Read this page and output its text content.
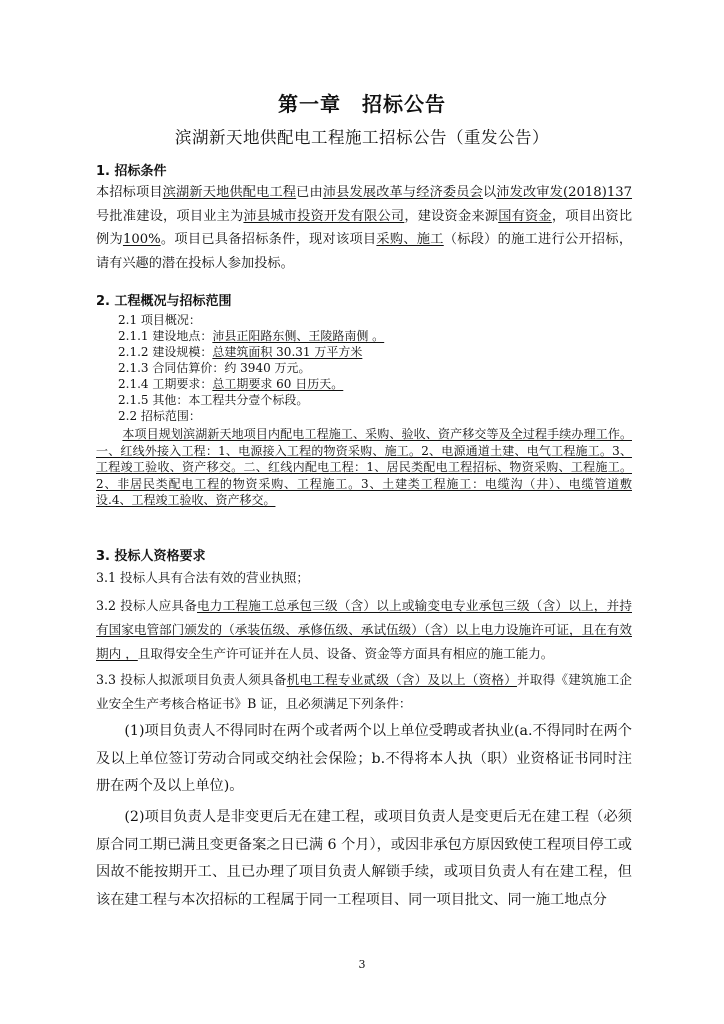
第一章　招标公告
滨湖新天地供配电工程施工招标公告（重发公告）
1. 招标条件
本招标项目滨湖新天地供配电工程已由沛县发展改革与经济委员会以沛发改审发(2018)137号批准建设，项目业主为沛县城市投资开发有限公司，建设资金来源国有资金，项目出资比例为100%。项目已具备招标条件，现对该项目采购、施工（标段）的施工进行公开招标，请有兴趣的潜在投标人参加投标。
2. 工程概况与招标范围
2.1 项目概况：
2.1.1 建设地点：沛县正阳路东侧、王陵路南侧 。
2.1.2 建设规模：总建筑面积 30.31 万平方米
2.1.3 合同估算价：约 3940 万元。
2.1.4 工期要求：总工期要求 60 日历天。
2.1.5 其他：本工程共分壹个标段。
2.2 招标范围：
本项目规划滨湖新天地项目内配电工程施工、采购、验收、资产移交等及全过程手续办理工作。一、红线外接入工程：1、电源接入工程的物资采购、施工。2、电源通道土建、电气工程施工。3、工程竣工验收、资产移交。二、红线内配电工程：1、居民类配电工程招标、物资采购、工程施工。2、非居民类配电工程的物资采购、工程施工。3、土建类工程施工：电缆沟（井）、电缆管道敷设.4、工程竣工验收、资产移交。
3. 投标人资格要求
3.1 投标人具有合法有效的营业执照；
3.2 投标人应具备电力工程施工总承包三级（含）以上或输变电专业承包三级（含）以上，并持有国家电管部门颁发的（承装伍级、承修伍级、承试伍级）（含）以上电力设施许可证，且在有效期内 ，且取得安全生产许可证并在人员、设备、资金等方面具有相应的施工能力。
3.3 投标人拟派项目负责人须具备机电工程专业贰级（含）及以上（资格）并取得《建筑施工企业安全生产考核合格证书》B 证，且必须满足下列条件：
(1)项目负责人不得同时在两个或者两个以上单位受聘或者执业(a.不得同时在两个及以上单位签订劳动合同或交纳社会保险；b.不得将本人执（职）业资格证书同时注册在两个及以上单位)。
(2)项目负责人是非变更后无在建工程，或项目负责人是变更后无在建工程（必须原合同工期已满且变更备案之日已满 6 个月），或因非承包方原因致使工程项目停工或因故不能按期开工、且已办理了项目负责人解锁手续，或项目负责人有在建工程，但该在建工程与本次招标的工程属于同一工程项目、同一项目批文、同一施工地点分
3
